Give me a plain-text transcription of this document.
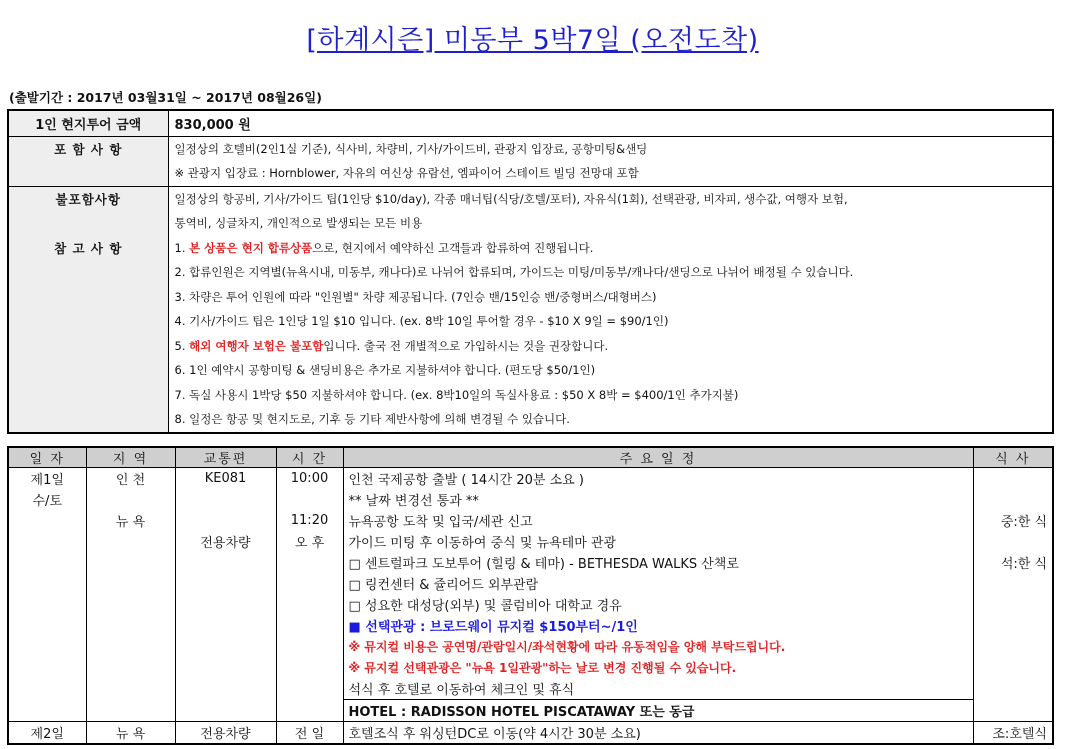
[하계시즌] 미동부 5박7일 (오전도착)
(출발기간 : 2017년 03월31일 ~ 2017년 08월26일)
1인 현지투어 금액	830,000 원
포 함 사 항	일정상의 호텔비(2인1실 기준), 식사비, 차량비, 기사/가이드비, 관광지 입장료, 공항미팅&샌딩
	※ 관광지 입장료 : Hornblower, 자유의 여신상 유람선, 엠파이어 스테이트 빌딩 전망대 포함
불포함사항	일정상의 항공비, 기사/가이드 팁(1인당 $10/day), 각종 매너팁(식당/호텔/포터), 자유식(1회), 선택관광, 비자피, 생수값, 여행자 보험,
	통역비, 싱글차지, 개인적으로 발생되는 모든 비용
참 고 사 항	1. 본 상품은 현지 합류상품으로, 현지에서 예약하신 고객들과 합류하여 진행됩니다.
	2. 합류인원은 지역별(뉴욕시내, 미동부, 캐나다)로 나뉘어 합류되며, 가이드는 미팅/미동부/캐나다/샌딩으로 나뉘어 배정될 수 있습니다.
	3. 차량은 투어 인원에 따라 "인원별" 차량 제공됩니다. (7인승 밴/15인승 밴/중형버스/대형버스)
	4. 기사/가이드 팁은 1인당 1일 $10 입니다. (ex. 8박 10일 투어할 경우 - $10 X 9일 = $90/1인)
	5. 해외 여행자 보험은 불포함입니다. 출국 전 개별적으로 가입하시는 것을 권장합니다.
	6. 1인 예약시 공항미팅 & 샌딩비용은 추가로 지불하셔야 합니다. (편도당 $50/1인)
	7. 독실 사용시 1박당 $50 지불하셔야 합니다. (ex. 8박10일의 독실사용료 : $50 X 8박 = $400/1인 추가지불)
	8. 일정은 항공 및 현지도로, 기후 등 기타 제반사항에 의해 변경될 수 있습니다.
일 자	지 역	교통편	시 간	주 요 일 정	식 사
제1일	인 천	KE081	10:00	인천 국제공항 출발 ( 14시간 20분 소요 )	
수/토				** 날짜 변경선 통과 **	
	뉴 욕		11:20	뉴욕공항 도착 및 입국/세관 신고	중:한 식
		전용차량	오 후	가이드 미팅 후 이동하여 중식 및 뉴욕테마 관광	
				□ 센트럴파크 도보투어 (힐링 & 테마) - BETHESDA WALKS 산책로	석:한 식
				□ 링컨센터 & 쥴리어드 외부관람	
				□ 성요한 대성당(외부) 및 콜럼비아 대학교 경유	
				■ 선택관광 : 브로드웨이 뮤지컬 $150부터~/1인	
				※ 뮤지컬 비용은 공연명/관람일시/좌석현황에 따라 유동적임을 양해 부탁드립니다.	
				※ 뮤지컬 선택관광은 "뉴욕 1일관광"하는 날로 변경 진행될 수 있습니다.	
				석식 후 호텔로 이동하여 체크인 및 휴식	
				HOTEL : RADISSON HOTEL PISCATAWAY 또는 동급	
제2일	뉴 욕	전용차량	전 일	호텔조식 후 워싱턴DC로 이동(약 4시간 30분 소요)	조:호텔식
